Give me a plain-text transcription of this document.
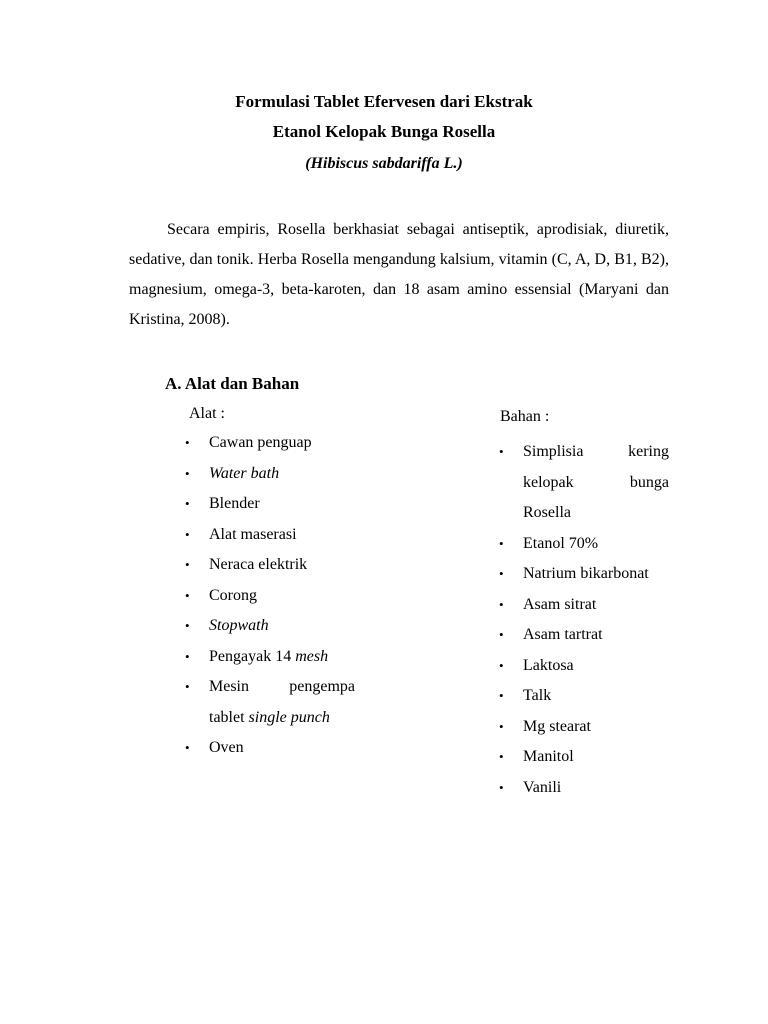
Formulasi Tablet Efervesen dari Ekstrak
Etanol Kelopak Bunga Rosella
(Hibiscus sabdariffa L.)

Secara empiris, Rosella berkhasiat sebagai antiseptik, aprodisiak, diuretik, sedative, dan tonik. Herba Rosella mengandung kalsium, vitamin (C, A, D, B1, B2), magnesium, omega-3, beta-karoten, dan 18 asam amino essensial (Maryani dan Kristina, 2008).

A. Alat dan Bahan
Alat :	Bahan :
• Cawan penguap
• Water bath
• Blender
• Alat maserasi
• Neraca elektrik
• Corong
• Stopwath
• Pengayak 14 mesh
• Mesin pengempa
tablet single punch
• Oven
• Simplisia kering
kelopak bunga
Rosella
• Etanol 70%
• Natrium bikarbonat
• Asam sitrat
• Asam tartrat
• Laktosa
• Talk
• Mg stearat
• Manitol
• Vanili
